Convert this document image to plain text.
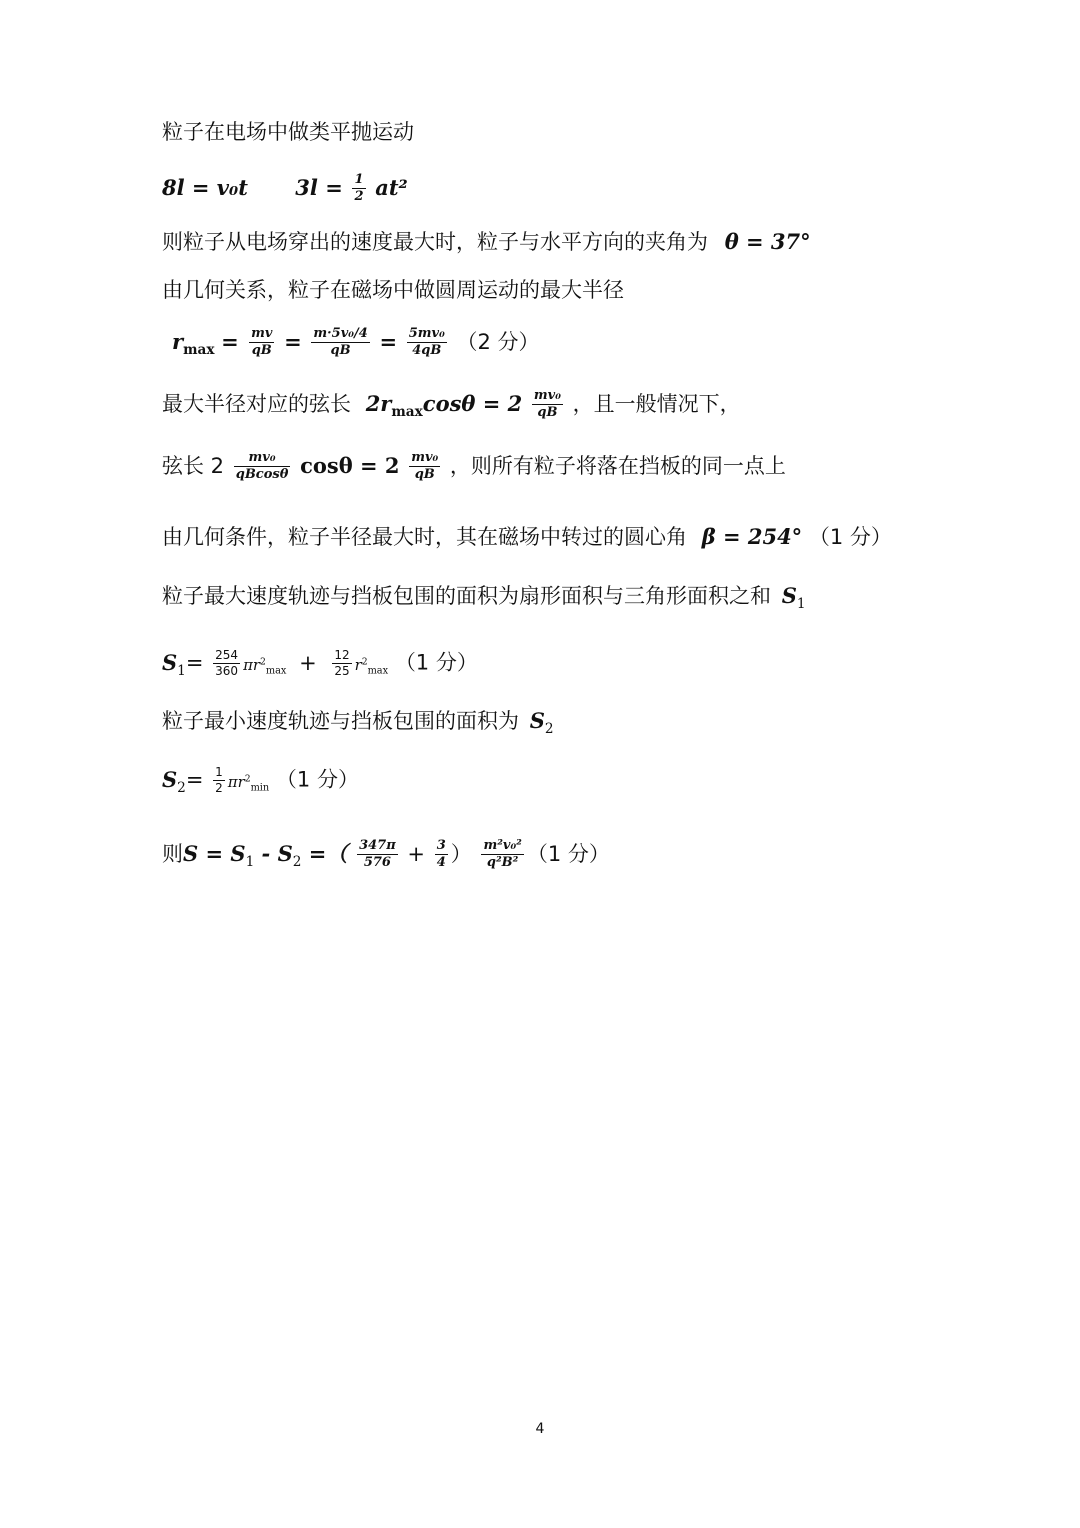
粒子在电场中做类平抛运动
8l = v₀t $3l = \frac{1}{2} at^2$
则粒子从电场穿出的速度最大时，粒子与水平方向的夹角为 θ = 37°
由几何关系，粒子在磁场中做圆周运动的最大半径
$r_{max} = \frac{mv}{qB} = \frac{\text{m·5v₀/4}}{qB} = \frac{\text{5mv₀}}{4qB} (2$ 分）
最大半径对应的弦长 $2r_{max}\cos\theta = 2 \frac{\text{mv₀}}{qB}$ ，且一般情况下，
弦长 $2 \frac{\text{mv₀}}{qBcos\theta}$ $\cos\theta = 2 \frac{\text{mv₀}}{qB}$ ，则所有粒子将落在挡板的同一点上
由几何条件，粒子半径最大时，其在磁场中转过的圆心角 β = 254° （1 分）
粒子最大速度轨迹与挡板包围的面积为扇形面积与三角形面积之和 $S_1$
$S_1= \frac{254}{360} \pi r^2_{max} + \frac{12}{25} r^2_{max}$ （1 分）
粒子最小速度轨迹与挡板包围的面积为 $S_2$
$S_2= \frac{1}{2} \pi r^2_{min}$ （1 分）
则$S = S_1 - S_2$ =（ $\frac{347\pi}{576} + \frac{3}{4}$ ） $\frac{\text{m²v₀²}}{\text{q²B²}} (1$ 分）
4
